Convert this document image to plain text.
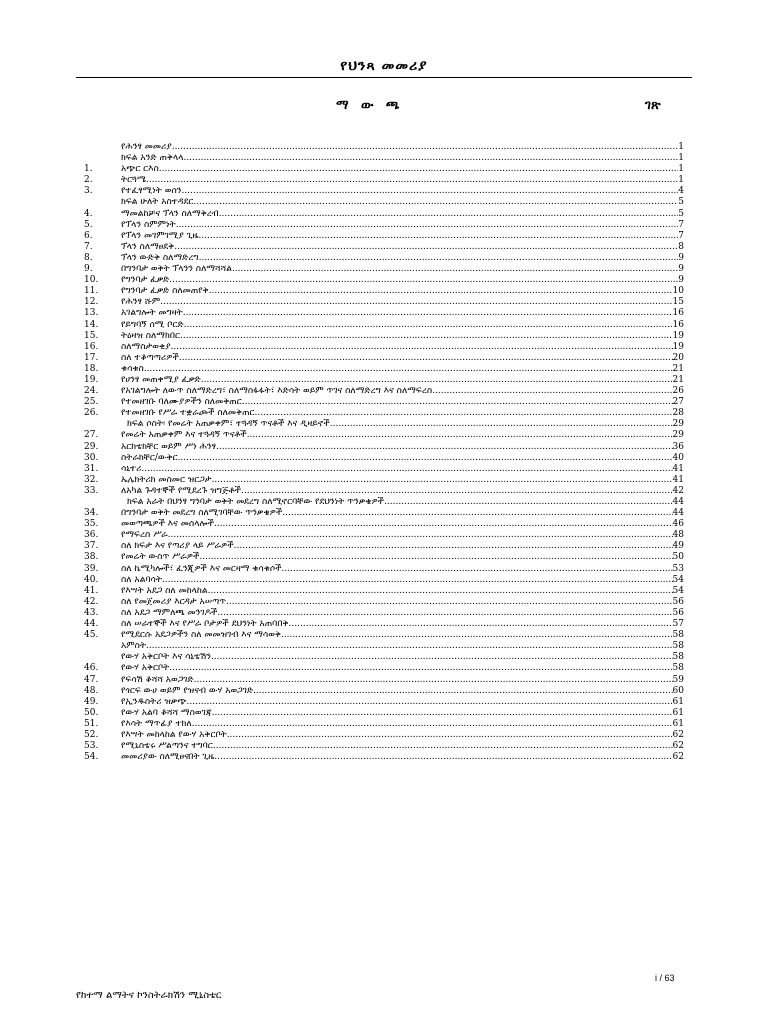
የህንጻ መመሪያ
ማ ው ጫ	ገጽ
የሕንፃ መመሪያ .....	1
ክፍል አንድ ጠቅላላ .....	1
1.	አጭር ርእስ .....	1
2.	ትርጓሜ .....	1
3.	የተፈፃሚነት ወሰን .....	4
ክፍል ሁለት አስተዳደር .....	5
4.	ማመልከቻና ፕላን ስለማቅረብ .....	5
5.	የፕላን ስምምነት .....	7
6.	የፕላን መገምገሚያ ጊዜ .....	7
7.	ፕላን ስለማፀደቅ .....	8
8.	ፕላን ውድቅ ስለማድረግ .....	9
9.	በግንባታ ወቅት ፕላንን ስለማሻሻል .....	9
10.	የግንባታ ፈቃድ .....	9
11.	የግንባታ ፈቃድ ስለመጠየቅ .....	10
12.	የሕንፃ ሹም .....	15
13.	አገልግሎት መግዛት .....	16
14.	የይግባኝ ሰሚ ቦርድ .....	16
15.	ትዕዛዝ ስለማክበር .....	19
16.	ስለማስታወቂያ .....	19
17.	ስለ ተቆጣጣሪዎች .....	20
18.	ቁሳቁስ .....	21
19.	የሀንፃ መጠቀሚያ ፈቃድ .....	21
24.	የአገልግሎት ለውጥ ስለማድረግ፣ ስለማስፋፋት፣ እድሳት ወይም ጥገና ስለማድረግ እና ስለማፍረስ .....	26
25.	የተመዘገቡ ባለሙያዎችን ስለመቅጠር .....	27
26.	የተመዘገቡ የሥራ ተቋራጮች ስለመቅጠር .....	28
ክፍል ሶስት፡ የመሬት አጠቃቀም፣ ተጓዳኝ ጥናቶች እና ዲዛይኖች .....	29
27.	የመሬት አጠቃቀም እና ተጓዳኝ ጥናቶች .....	29
29.	አርክቴክቸር ወይም ሥነ ሕንፃ .....	36
30.	ስትራክቸር/ውቅር .....	40
31.	ሳኒተሪ .....	41
32.	ኤሌክትሪክ መስመር ዝርጋታ .....	41
33.	ለአካል ጉዳተኞች የሚደረጉ ዝግጅቶች .....	42
ክፍል አራት በህንፃ ግንባታ ወቅት መደረግ ስለሚኖርባቸው የደህንነት ጥንቃቄዎች .....	44
34.	በግንባታ ወቅት መደረግ ስለሚገባቸው ጥንቃቄዎች .....	44
35.	መወጣጫዎች እና መሰላሎች .....	46
36.	የማፍረስ ሥራ .....	48
37.	ስለ ክፍታ እና የጣሪያ ላይ ሥራዎች .....	49
38.	የመሬት ውስጥ ሥራዎች .....	50
39.	ስለ ኬሚካሎች፣ ፈንጂዎች እና መርዛማ ቁሳቁሶች .....	53
40.	ስለ አልባሳት .....	54
41.	የእሣት አደጋ ስለ መከላከል .....	54
42.	ስለ የመጀመሪያ እርዳታ አሠጣጥ .....	56
43.	ስለ አደጋ ማምለጫ መንገዶች .....	56
44.	ስለ ሠራተኞች እና የሥራ ቦታዎች ደህንነት አጠባበቅ .....	57
45.	የሚደርሱ አደጋዎችን ስለ መመዝገብ እና ማሳወቅ .....	58
አምስት .....	58
የውሃ አቅርቦት እና ሳኒቴሽን .....	58
46.	የውሃ አቅርቦት .....	58
47.	የፍሳሽ ቆሻሻ አወጋገድ .....	59
48.	የጎርፍ ውሀ ወይም የዝናብ ውሃ አወጋገድ .....	60
49.	የኢንዱስትሪ ዝቃጭ .....	61
50.	የውሃ አልባ ቆሻሻ ማስወገጃ .....	61
51.	የእሳት ማጥፊያ ተክለ .....	61
52.	የእሣት መከላከል የውሃ አቅርቦት .....	62
53.	የሚኒስቴሩ ሥልጣንና ተግባር .....	62
54.	መመሪያው ስለሚፀናበት ጊዜ .....	62
i / 63
የከተማ ልማትና ኮንስትራክሽን ሚኒስቴር
